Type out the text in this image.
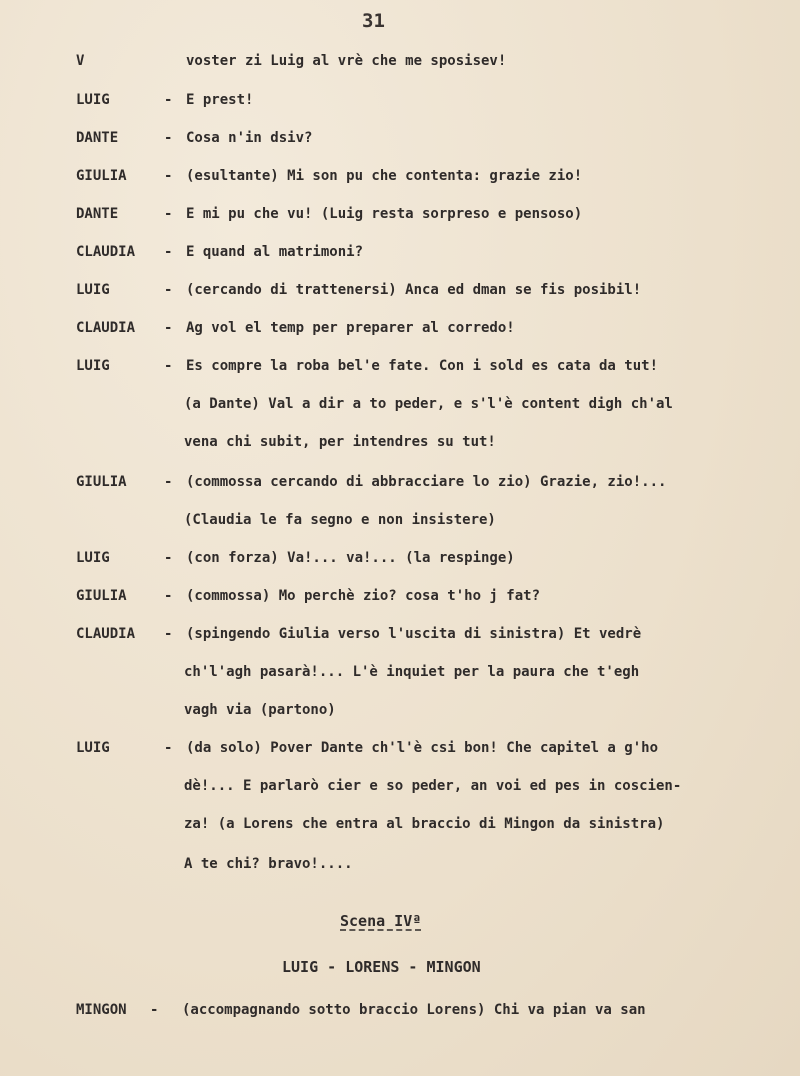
31
V	voster zi Luig al vrè che me sposisev!
LUIG	- E prest!
DANTE	- Cosa n'in dsiv?
GIULIA	- (esultante) Mi son pu che contenta: grazie zio!
DANTE	- E mi pu che vu! (Luig resta sorpreso e pensoso)
CLAUDIA - E quand al matrimoni?
LUIG	- (cercando di trattenersi) Anca ed dman se fis posibil!
CLAUDIA - Ag vol el temp per preparer al corredo!
LUIG	- Es compre la roba bel'e fate. Con i sold es cata da tut!
(a Dante) Val a dir a to peder, e s'l'è content digh ch'al
vena chi subit, per intendres su tut!
GIULIA	- (commossa cercando di abbracciare lo zio) Grazie, zio!...
(Claudia le fa segno e non insistere)
LUIG	- (con forza) Va!... va!... (la respinge)
GIULIA	- (commossa) Mo perchè zio? cosa t'ho j fat?
CLAUDIA - (spingendo Giulia verso l'uscita di sinistra) Et vedrè
ch'l'agh pasarà!... L'è inquiet per la paura che t'egh
vagh via (partono)
LUIG	- (da solo) Pover Dante ch'l'è csi bon! Che capitel a g'ho
dè!... E parlarò cier e so peder, an voi ed pes in coscien-
za! (a Lorens che entra al braccio di Mingon da sinistra)
A te chi? bravo!....
Scena IVª
LUIG - LORENS - MINGON
MINGON - (accompagnando sotto braccio Lorens) Chi va pian va san
